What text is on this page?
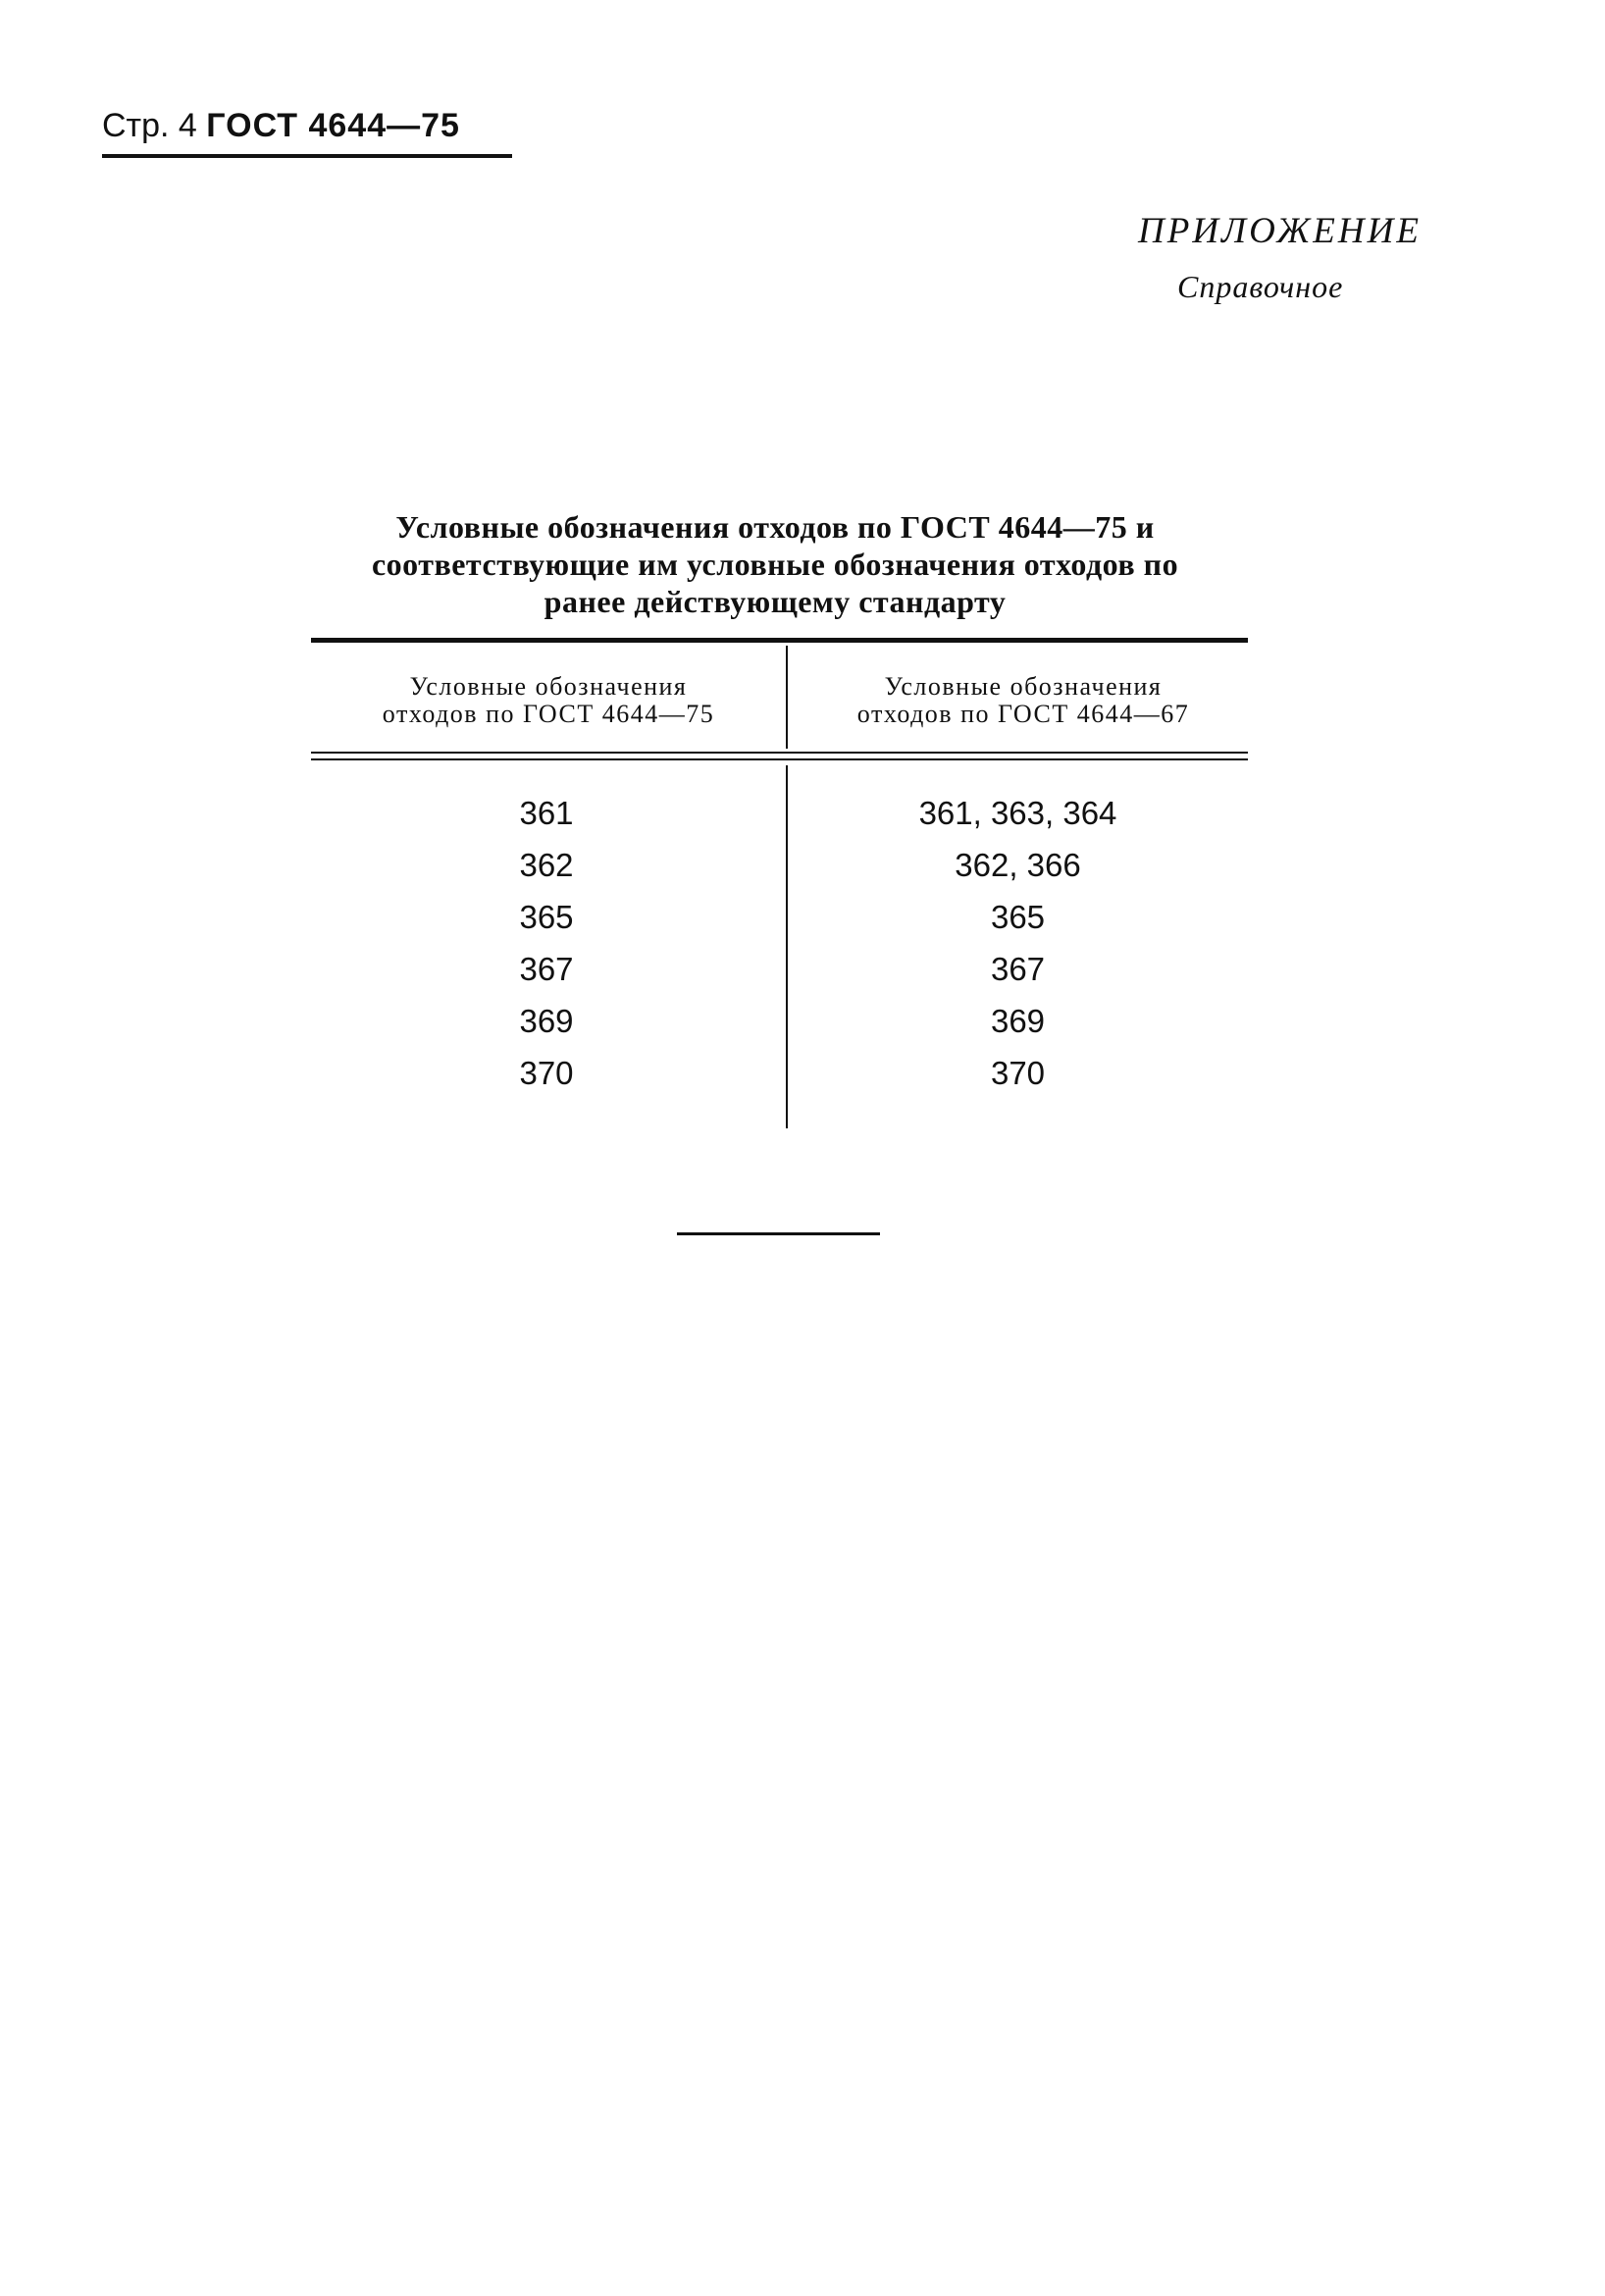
Стр. 4 ГОСТ 4644—75
ПРИЛОЖЕНИЕ
Справочное
Условные обозначения отходов по ГОСТ 4644—75 и
соответствующие им условные обозначения отходов по
ранее действующему стандарту
Условные обозначения
отходов по ГОСТ 4644—75
Условные обозначения
отходов по ГОСТ 4644—67
361
362
365
367
369
370
361, 363, 364
362, 366
365
367
369
370
